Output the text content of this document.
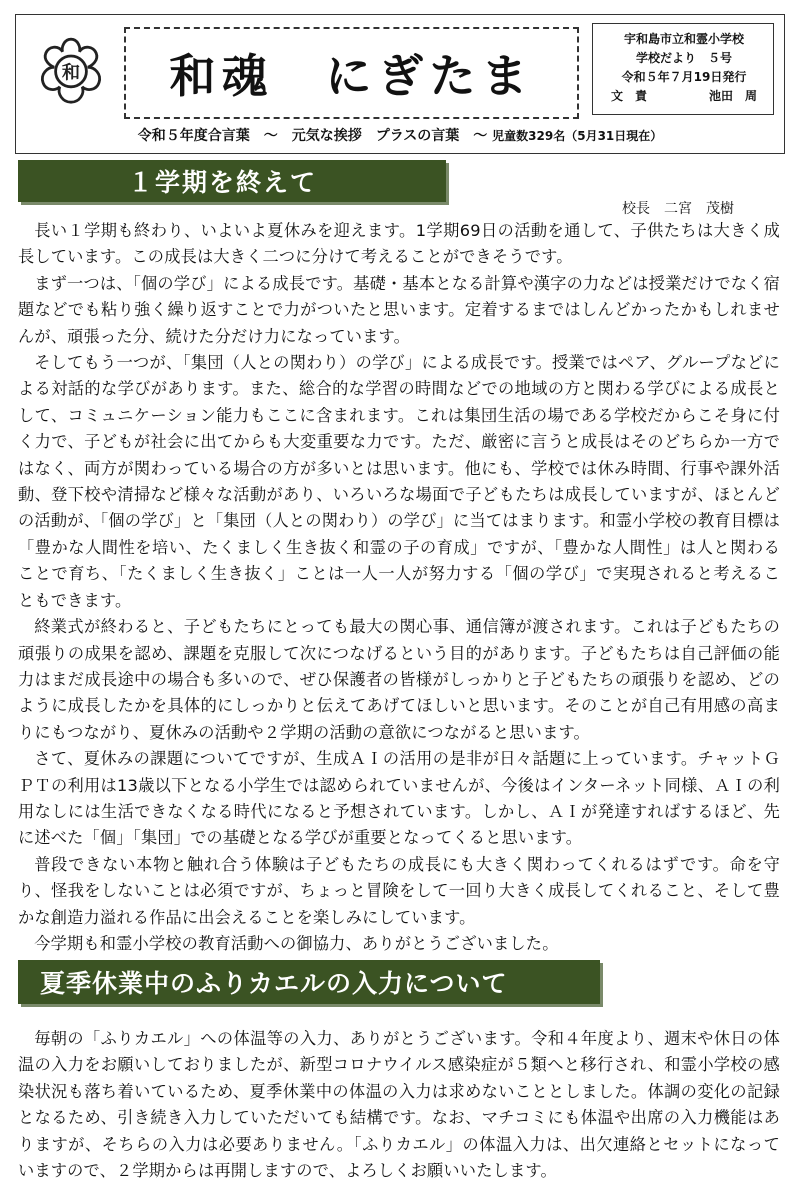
和	和魂　にぎたま
宇和島市立和霊小学校
学校だより　５号
令和５年７月19日発行
文　責	池田　周
令和５年度合言葉　～　元気な挨拶　プラスの言葉　～ 児童数329名（5月31日現在）
１学期を終えて
校長 二宮　茂樹

長い１学期も終わり、いよいよ夏休みを迎えます。1学期69日の活動を通して、子供たちは大きく成長しています。この成長は大きく二つに分けて考えることができそうです。

まず一つは、「個の学び」による成長です。基礎・基本となる計算や漢字の力などは授業だけでなく宿題などでも粘り強く繰り返すことで力がついたと思います。定着するまではしんどかったかもしれませんが、頑張った分、続けた分だけ力になっています。

そしてもう一つが、「集団（人との関わり）の学び」による成長です。授業ではペア、グループなどによる対話的な学びがあります。また、総合的な学習の時間などでの地域の方と関わる学びによる成長として、コミュニケーション能力もここに含まれます。これは集団生活の場である学校だからこそ身に付く力で、子どもが社会に出てからも大変重要な力です。ただ、厳密に言うと成長はそのどちらか一方ではなく、両方が関わっている場合の方が多いとは思います。他にも、学校では休み時間、行事や課外活動、登下校や清掃など様々な活動があり、いろいろな場面で子どもたちは成長していますが、ほとんどの活動が、「個の学び」と「集団（人との関わり）の学び」に当てはまります。和霊小学校の教育目標は「豊かな人間性を培い、たくましく生き抜く和霊の子の育成」ですが、「豊かな人間性」は人と関わることで育ち、「たくましく生き抜く」ことは一人一人が努力する「個の学び」で実現されると考えることもできます。

終業式が終わると、子どもたちにとっても最大の関心事、通信簿が渡されます。これは子どもたちの頑張りの成果を認め、課題を克服して次につなげるという目的があります。子どもたちは自己評価の能力はまだ成長途中の場合も多いので、ぜひ保護者の皆様がしっかりと子どもたちの頑張りを認め、どのように成長したかを具体的にしっかりと伝えてあげてほしいと思います。そのことが自己有用感の高まりにもつながり、夏休みの活動や２学期の活動の意欲につながると思います。

さて、夏休みの課題についてですが、生成ＡＩの活用の是非が日々話題に上っています。チャットＧＰＴの利用は13歳以下となる小学生では認められていませんが、今後はインターネット同様、ＡＩの利用なしには生活できなくなる時代になると予想されています。しかし、ＡＩが発達すればするほど、先に述べた「個」「集団」での基礎となる学びが重要となってくると思います。

普段できない本物と触れ合う体験は子どもたちの成長にも大きく関わってくれるはずです。命を守り、怪我をしないことは必須ですが、ちょっと冒険をして一回り大きく成長してくれること、そして豊かな創造力溢れる作品に出会えることを楽しみにしています。

今学期も和霊小学校の教育活動への御協力、ありがとうございました。

夏季休業中のふりカエルの入力について

毎朝の「ふりカエル」への体温等の入力、ありがとうございます。令和４年度より、週末や休日の体温の入力をお願いしておりましたが、新型コロナウイルス感染症が５類へと移行され、和霊小学校の感染状況も落ち着いているため、夏季休業中の体温の入力は求めないこととしました。体調の変化の記録となるため、引き続き入力していただいても結構です。なお、マチコミにも体温や出席の入力機能はありますが、そちらの入力は必要ありません。「ふりカエル」の体温入力は、出欠連絡とセットになっていますので、２学期からは再開しますので、よろしくお願いいたします。
